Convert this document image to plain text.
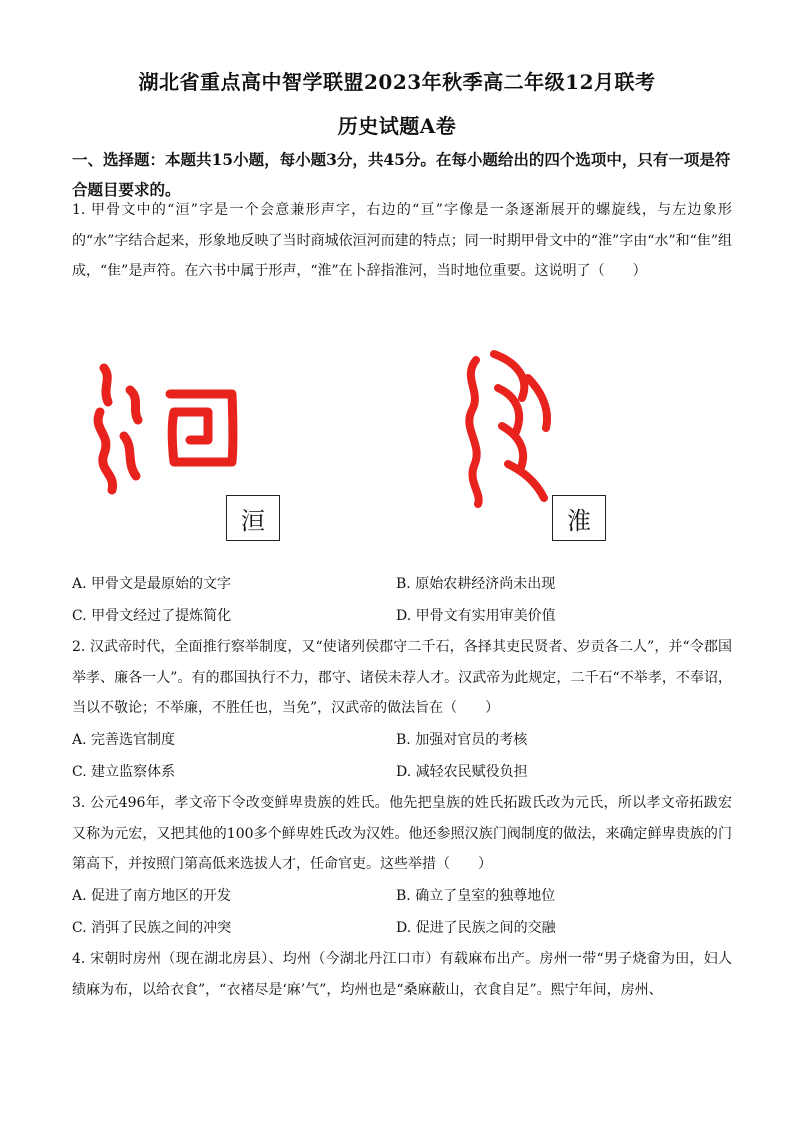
湖北省重点高中智学联盟2023年秋季高二年级12月联考
历史试题A卷
一、选择题：本题共15小题，每小题3分，共45分。在每小题给出的四个选项中，只有一项是符合题目要求的。
1. 甲骨文中的“洹”字是一个会意兼形声字，右边的“亘”字像是一条逐渐展开的螺旋线，与左边象形的“水”字结合起来，形象地反映了当时商城依洹河而建的特点；同一时期甲骨文中的“淮”字由“水”和“隹”组成，“隹”是声符。在六书中属于形声，“淮”在卜辞指淮河，当时地位重要。这说明了（　　）
洹	淮
A. 甲骨文是最原始的文字	B. 原始农耕经济尚未出现
C. 甲骨文经过了提炼简化	D. 甲骨文有实用审美价值
2. 汉武帝时代，全面推行察举制度，又“使诸列侯郡守二千石，各择其吏民贤者、岁贡各二人”，并“令郡国举孝、廉各一人”。有的郡国执行不力，郡守、诸侯未荐人才。汉武帝为此规定，二千石“不举孝，不奉诏，当以不敬论；不举廉，不胜任也，当免”，汉武帝的做法旨在（　　）
A. 完善选官制度	B. 加强对官员的考核
C. 建立监察体系	D. 减轻农民赋役负担
3. 公元496年，孝文帝下令改变鲜卑贵族的姓氏。他先把皇族的姓氏拓跋氏改为元氏，所以孝文帝拓跋宏又称为元宏，又把其他的100多个鲜卑姓氏改为汉姓。他还参照汉族门阀制度的做法，来确定鲜卑贵族的门第高下，并按照门第高低来选拔人才，任命官吏。这些举措（　　）
A. 促进了南方地区的开发	B. 确立了皇室的独尊地位
C. 消弭了民族之间的冲突	D. 促进了民族之间的交融
4. 宋朝时房州（现在湖北房县）、均州（今湖北丹江口市）有载麻布出产。房州一带“男子烧畲为田，妇人绩麻为布，以给衣食”，“衣褚尽是‘麻’气”，均州也是“桑麻蔽山，衣食自足”。熙宁年间，房州、
